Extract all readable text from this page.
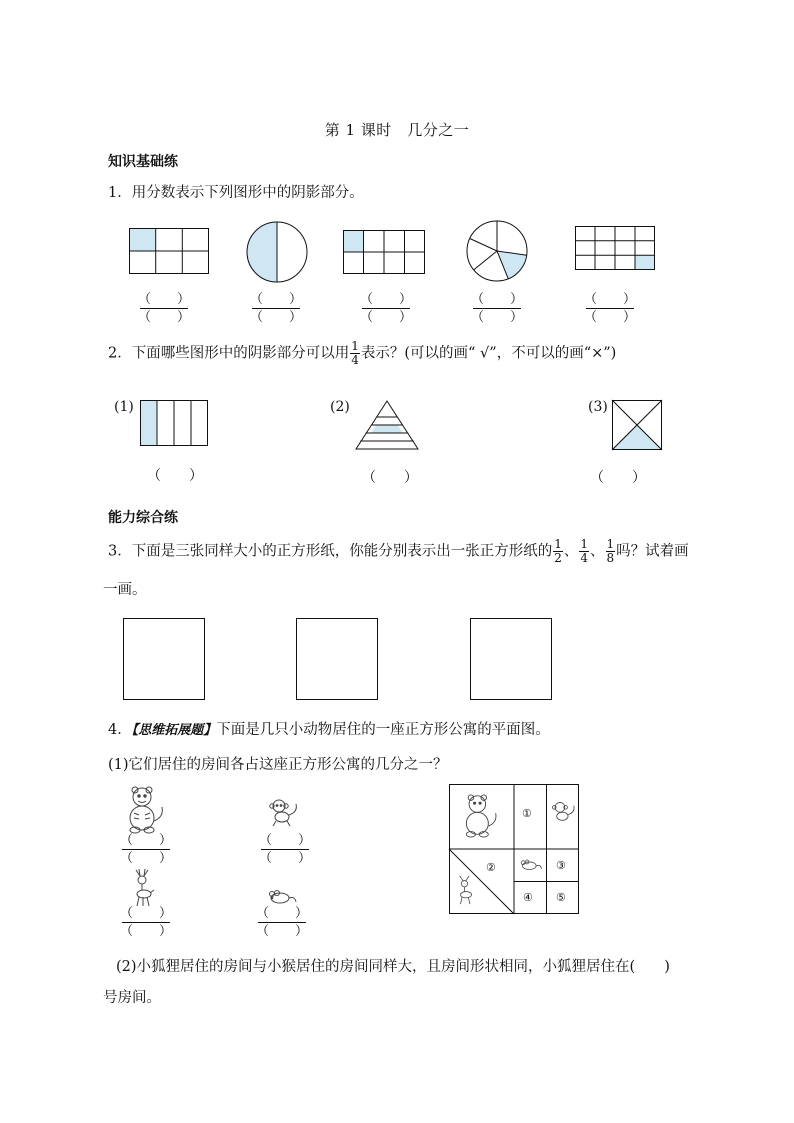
第 1 课时　几分之一
知识基础练
1．用分数表示下列图形中的阴影部分。
（　　）
（　　）
（　　）
（　　）
（　　）
（　　）
（　　）
（　　）
（　　）
（　　）
2．下面哪些图形中的阴影部分可以用 $\frac{1}{4}$ 表示？(可以的画“ √”，不可以的画“×”)
(1)
（　　）
(2)
（　　）
(3)
（　　）
能力综合练
3．下面是三张同样大小的正方形纸，你能分别表示出一张正方形纸的 $\frac{1}{2}$ 、 $\frac{1}{4}$ 、 $\frac{1}{8}$ 吗？试着画
一画。
4．【思维拓展题】下面是几只小动物居住的一座正方形公寓的平面图。
(1)它们居住的房间各占这座正方形公寓的几分之一？
（　　）
（　　）
（　　）
（　　）
（　　）
（　　）
（　　）
（　　）
①
②	③
④ ⑤
(2)小狐狸居住的房间与小猴居住的房间同样大，且房间形状相同，小狐狸居住在(　　)
号房间。
